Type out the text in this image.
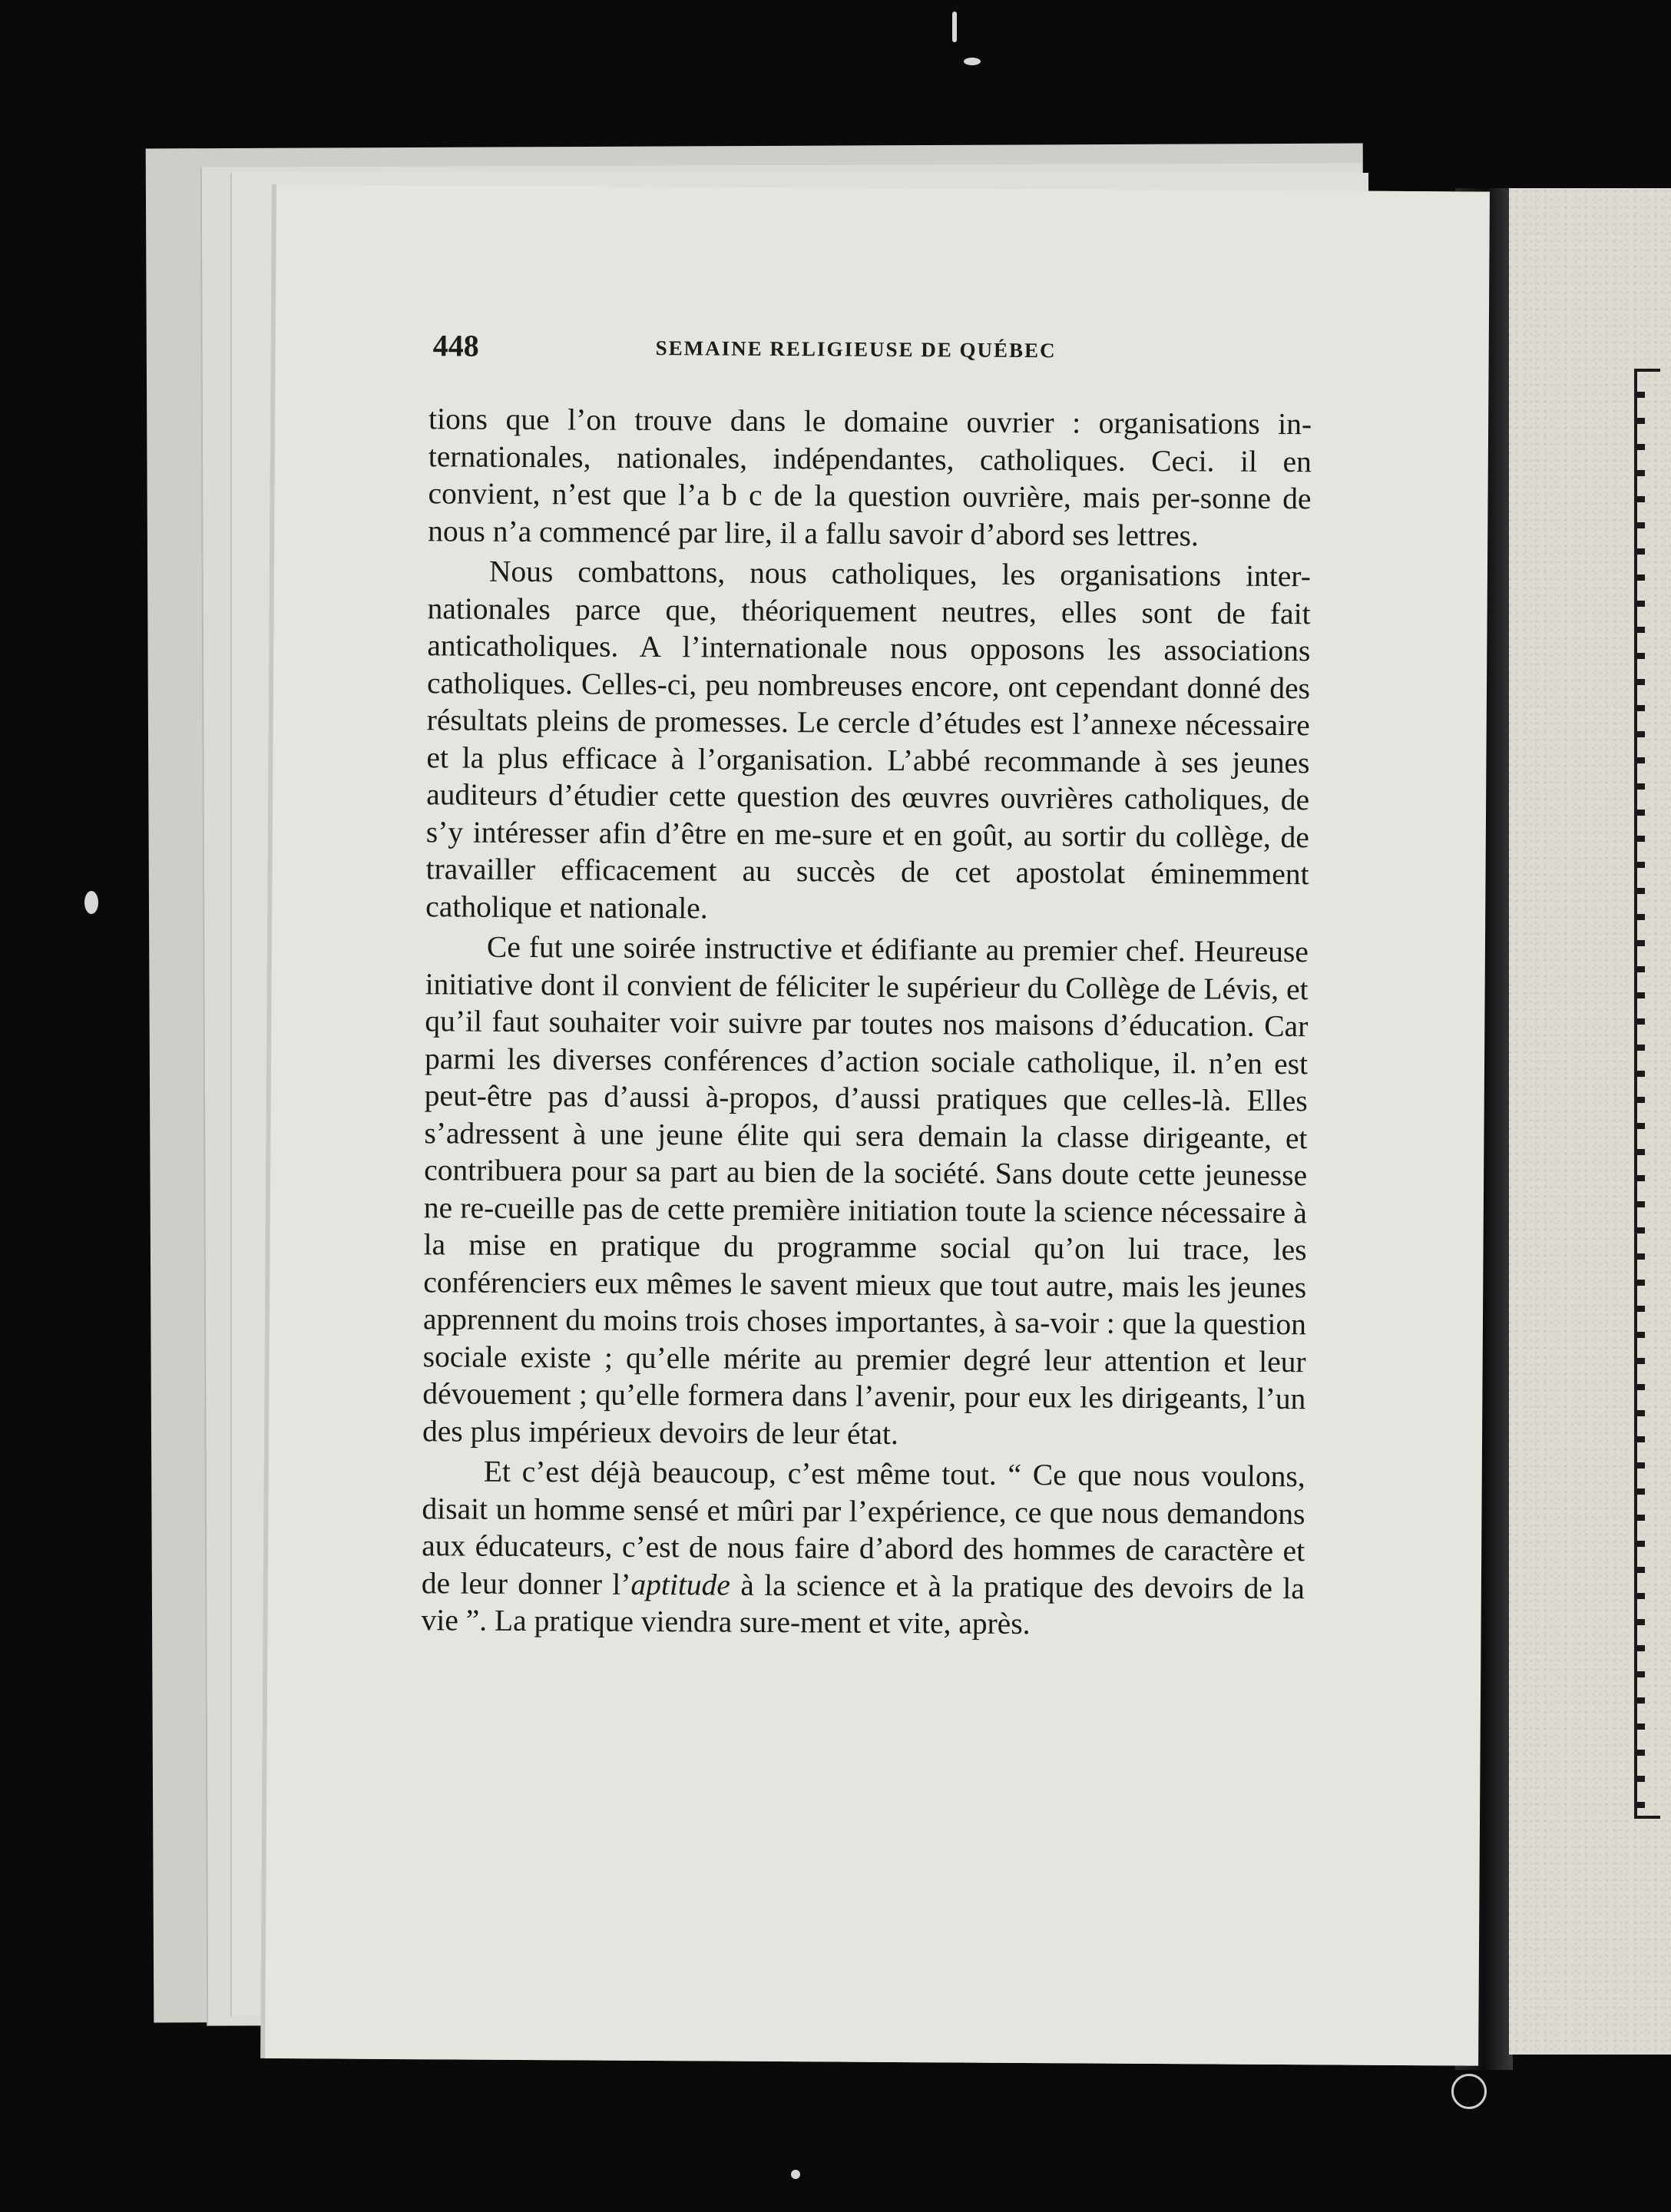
448	SEMAINE RELIGIEUSE DE QUÉBEC

tions que l’on trouve dans le domaine ouvrier : organisations in-ternationales, nationales, indépendantes, catholiques. Ceci. il en convient, n’est que l’a b c de la question ouvrière, mais per-sonne de nous n’a commencé par lire, il a fallu savoir d’abord ses lettres.

Nous combattons, nous catholiques, les organisations inter-nationales parce que, théoriquement neutres, elles sont de fait anticatholiques. A l’internationale nous opposons les associations catholiques. Celles-ci, peu nombreuses encore, ont cependant donné des résultats pleins de promesses. Le cercle d’études est l’annexe nécessaire et la plus efficace à l’organisation. L’abbé recommande à ses jeunes auditeurs d’étudier cette question des œuvres ouvrières catholiques, de s’y intéresser afin d’être en me-sure et en goût, au sortir du collège, de travailler efficacement au succès de cet apostolat éminemment catholique et nationale.

Ce fut une soirée instructive et édifiante au premier chef. Heureuse initiative dont il convient de féliciter le supérieur du Collège de Lévis, et qu’il faut souhaiter voir suivre par toutes nos maisons d’éducation. Car parmi les diverses conférences d’action sociale catholique, il. n’en est peut-être pas d’aussi à-propos, d’aussi pratiques que celles-là. Elles s’adressent à une jeune élite qui sera demain la classe dirigeante, et contribuera pour sa part au bien de la société. Sans doute cette jeunesse ne re-cueille pas de cette première initiation toute la science nécessaire à la mise en pratique du programme social qu’on lui trace, les conférenciers eux mêmes le savent mieux que tout autre, mais les jeunes apprennent du moins trois choses importantes, à sa-voir : que la question sociale existe ; qu’elle mérite au premier degré leur attention et leur dévouement ; qu’elle formera dans l’avenir, pour eux les dirigeants, l’un des plus impérieux devoirs de leur état.

Et c’est déjà beaucoup, c’est même tout. “ Ce que nous voulons, disait un homme sensé et mûri par l’expérience, ce que nous demandons aux éducateurs, c’est de nous faire d’abord des hommes de caractère et de leur donner l’aptitude à la science et à la pratique des devoirs de la vie ”. La pratique viendra sure-ment et vite, après.
